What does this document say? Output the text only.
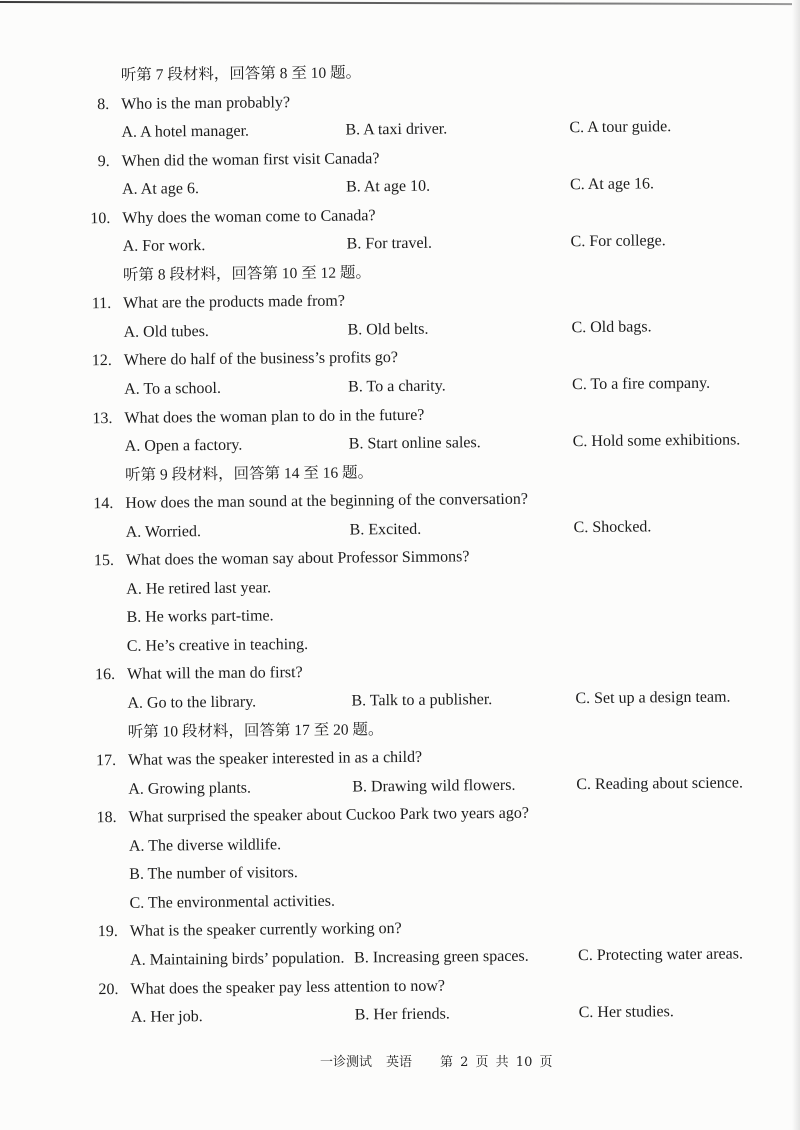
听第 7 段材料，回答第 8 至 10 题。
8. Who is the man probably?
A. A hotel manager.	B. A taxi driver.	C. A tour guide.
9. When did the woman first visit Canada?
A. At age 6.	B. At age 10.	C. At age 16.
10. Why does the woman come to Canada?
A. For work.	B. For travel.	C. For college.
听第 8 段材料，回答第 10 至 12 题。
11. What are the products made from?
A. Old tubes.	B. Old belts.	C. Old bags.
12. Where do half of the business’s profits go?
A. To a school.	B. To a charity.	C. To a fire company.
13. What does the woman plan to do in the future?
A. Open a factory.	B. Start online sales.	C. Hold some exhibitions.
听第 9 段材料，回答第 14 至 16 题。
14. How does the man sound at the beginning of the conversation?
A. Worried.	B. Excited.	C. Shocked.
15. What does the woman say about Professor Simmons?
A. He retired last year.
B. He works part-time.
C. He’s creative in teaching.
16. What will the man do first?
A. Go to the library.	B. Talk to a publisher.	C. Set up a design team.
听第 10 段材料，回答第 17 至 20 题。
17. What was the speaker interested in as a child?
A. Growing plants.	B. Drawing wild flowers.	C. Reading about science.
18. What surprised the speaker about Cuckoo Park two years ago?
A. The diverse wildlife.
B. The number of visitors.
C. The environmental activities.
19. What is the speaker currently working on?
A. Maintaining birds’ population. B. Increasing green spaces.	C. Protecting water areas.
20. What does the speaker pay less attention to now?
A. Her job.	B. Her friends.	C. Her studies.
一诊测试 英语 第 2 页 共 10 页
